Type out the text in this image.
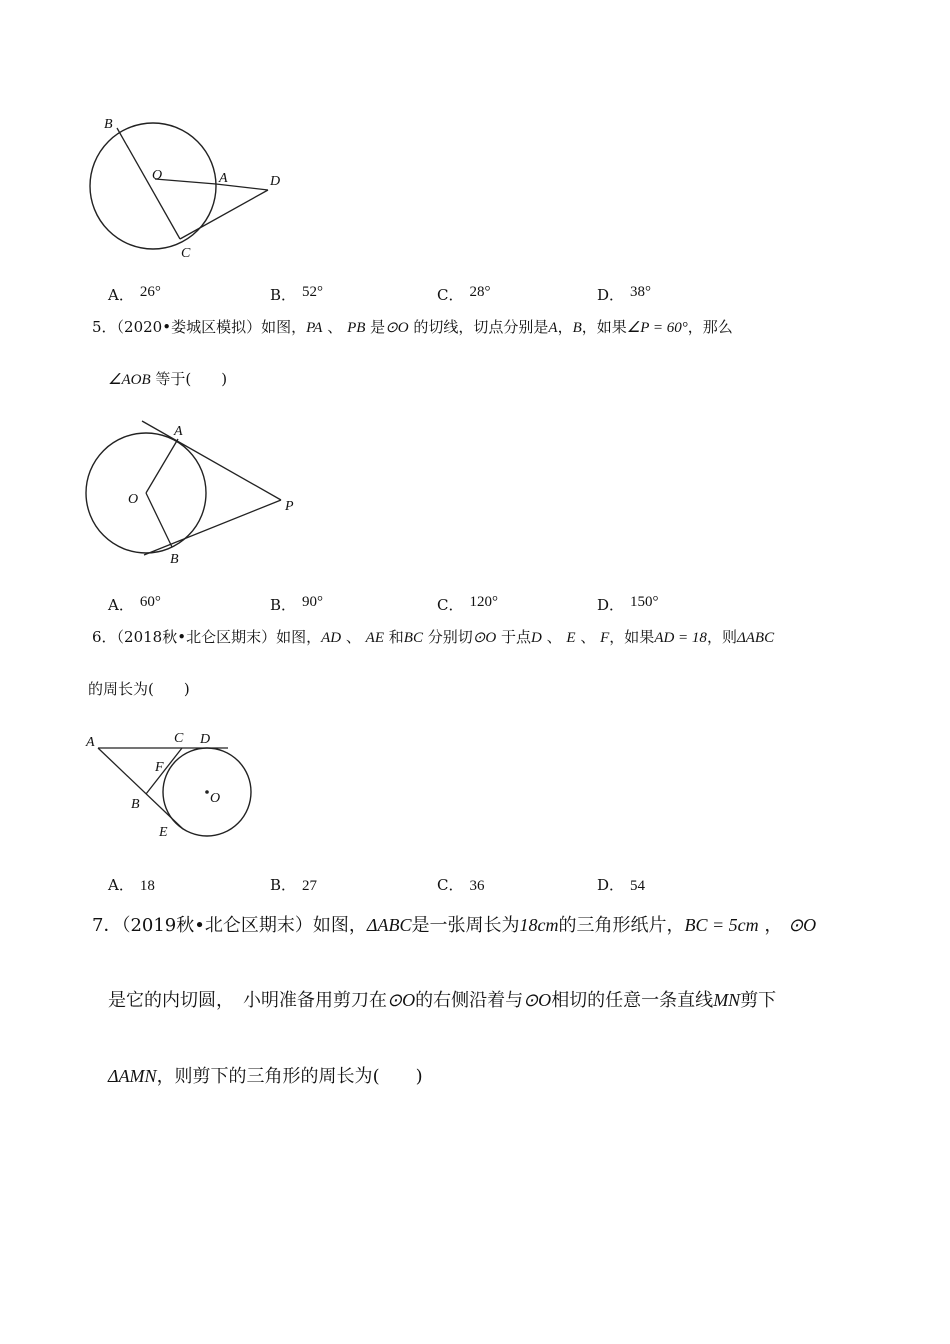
B
O	A	D
C
A． 26°	B． 52°	C． 28°	D． 38°
5．（2020•娄城区模拟）如图，PA 、 PB 是⊙O 的切线，切点分别是A，B，如果∠P = 60°，那么
∠AOB 等于(　　)
A
O
B
P
A． 60°	B． 90°	C． 120°	D． 150°
6．（2018秋•北仑区期末）如图，AD 、 AE 和BC 分别切⊙O 于点D 、 E 、 F，如果AD = 18，则ΔABC
的周长为(　　)
A	C D
F
B	O
E
A． 18	B． 27	C． 36	D． 54
7．（2019秋•北仑区期末）如图，ΔABC是一张周长为18cm的三角形纸片，BC = 5cm ， ⊙O
是它的内切圆，　小明准备用剪刀在⊙O的右侧沿着与⊙O相切的任意一条直线MN剪下
ΔAMN，则剪下的三角形的周长为(　　)
